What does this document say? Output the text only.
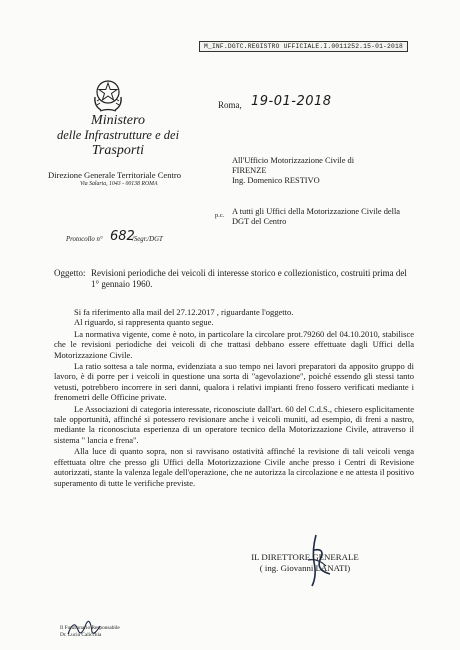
M_INF.DGTC.REGISTRO UFFICIALE.I.0011252.15-01-2018
Ministero
delle Infrastrutture e dei
Trasporti
Direzione Generale Territoriale Centro
Via Salaria, 1043 - 00138 ROMA
Roma, 19-01-2018
All'Ufficio Motorizzazione Civile di
FIRENZE
Ing. Domenico RESTIVO
p.c. A tutti gli Uffici della Motorizzazione Civile della
DGT del Centro
Protocollo n° 682
/Segr./DGT
Oggetto: Revisioni periodiche dei veicoli di interesse storico e collezionistico, costruiti prima del 1° gennaio 1960.

Si fa riferimento alla mail del 27.12.2017 , riguardante l'oggetto.

Al riguardo, si rappresenta quanto segue.

La normativa vigente, come è noto, in particolare la circolare prot.79260 del 04.10.2010, stabilisce che le revisioni periodiche dei veicoli di che trattasi debbano essere effettuate dagli Uffici della Motorizzazione Civile.

La ratio sottesa a tale norma, evidenziata a suo tempo nei lavori preparatori da apposito gruppo di lavoro, è di porre per i veicoli in questione una sorta di "agevolazione", poiché essendo gli stessi tanto vetusti, potrebbero incorrere in seri danni, qualora i relativi impianti freno fossero verificati mediante i frenometri delle Officine private.

Le Associazioni di categoria interessate, riconosciute dall'art. 60 del C.d.S., chiesero esplicitamente tale opportunità, affinché si potessero revisionare anche i veicoli muniti, ad esempio, di freni a nastro, mediante la riconosciuta esperienza di un operatore tecnico della Motorizzazione Civile, attraverso il sistema " lancia e frena".

Alla luce di quanto sopra, non si ravvisano ostatività affinché la revisione di tali veicoli venga effettuata oltre che presso gli Uffici della Motorizzazione Civile anche presso i Centri di Revisione autorizzati, stante la valenza legale dell'operazione, che ne autorizza la circolazione e ne attesta il positivo superamento di tutte le verifiche previste.

IL DIRETTORE GENERALE
( ing. Giovanni LANATI)
Il Funzionario Responsabile
Dr. Lucia Calicchia
